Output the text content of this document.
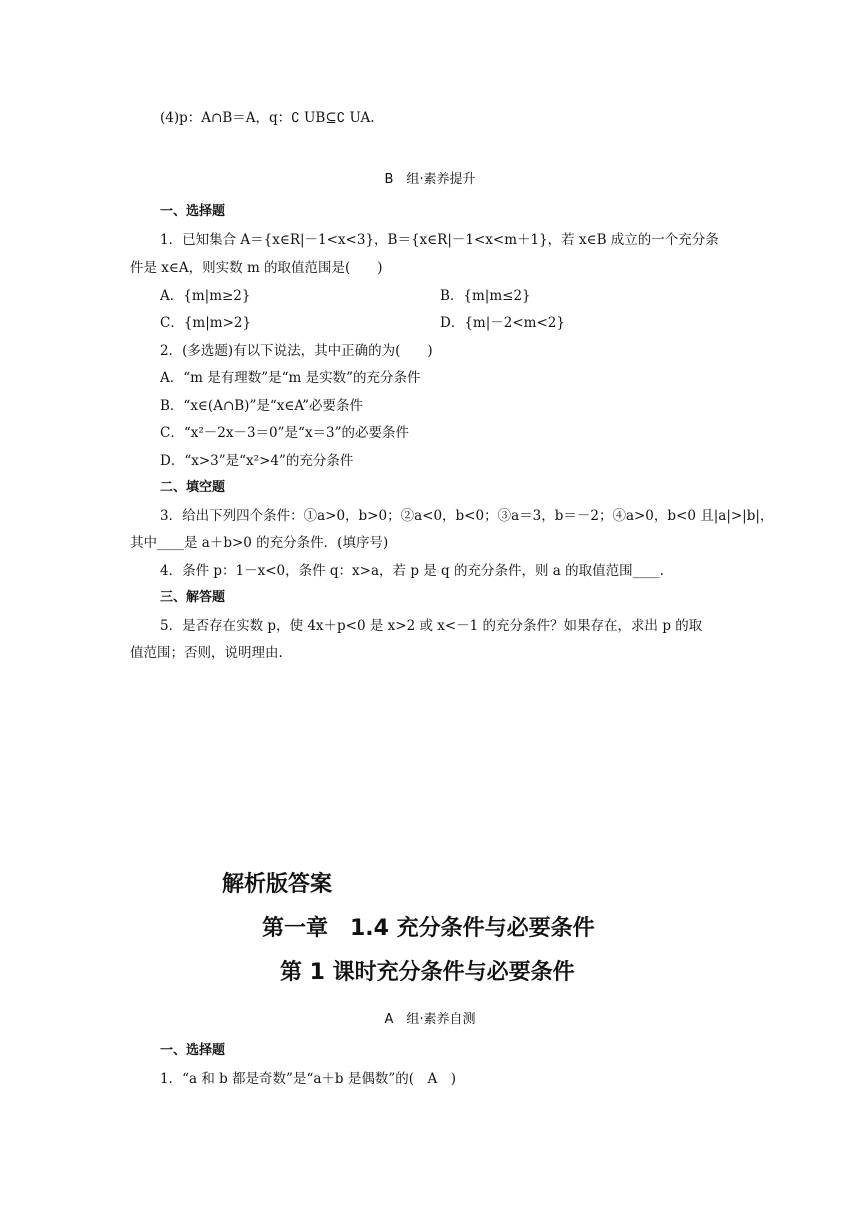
(4)p：A∩B＝A，q：∁ UB⊆∁ UA.
B　组·素养提升
一、选择题
1．已知集合 A＝{x∈R|－1<x<3}，B＝{x∈R|－1<x<m＋1}，若 x∈B 成立的一个充分条
件是 x∈A，则实数 m 的取值范围是(　　)
A．{m|m≥2}	B．{m|m≤2}
C．{m|m>2}	D．{m|－2<m<2}
2．(多选题)有以下说法，其中正确的为(　　)
A．“m 是有理数”是“m 是实数”的充分条件
B．“x∈(A∩B)”是“x∈A”必要条件
C．“x²－2x－3＝0”是“x＝3”的必要条件
D．“x>3”是“x²>4”的充分条件
二、填空题
3．给出下列四个条件：①a>0，b>0；②a<0，b<0；③a＝3，b＝－2；④a>0，b<0 且|a|>|b|，
其中____是 a＋b>0 的充分条件．(填序号)
4．条件 p：1－x<0，条件 q：x>a，若 p 是 q 的充分条件，则 a 的取值范围____.
三、解答题
5．是否存在实数 p，使 4x＋p<0 是 x>2 或 x<－1 的充分条件？如果存在，求出 p 的取
值范围；否则，说明理由.
解析版答案
第一章　1.4 充分条件与必要条件
第 1 课时充分条件与必要条件
A　组·素养自测
一、选择题
1．“a 和 b 都是奇数”是“a＋b 是偶数”的(　A　)
